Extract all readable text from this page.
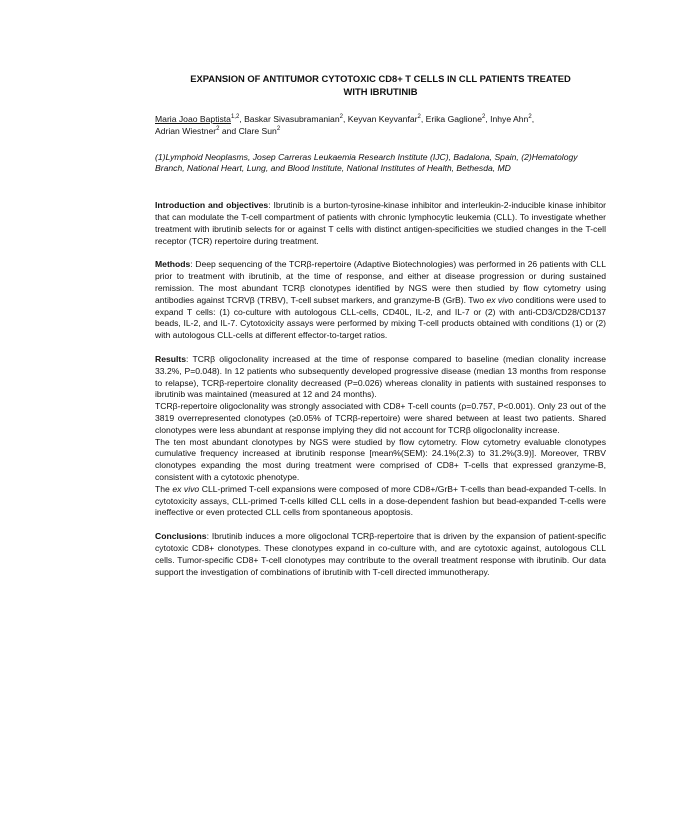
EXPANSION OF ANTITUMOR CYTOTOXIC CD8+ T CELLS IN CLL PATIENTS TREATED
WITH IBRUTINIB
Maria Joao Baptista$^{1,2}$, Baskar Sivasubramanian$^2$, Keyvan Keyvanfar$^2$, Erika Gaglione$^2$, Inhye Ahn$^2$,
Adrian Wiestner$^2$ and Clare Sun$^2$
(1)Lymphoid Neoplasms, Josep Carreras Leukaemia Research Institute (IJC), Badalona, Spain, (2)Hematology Branch, National Heart, Lung, and Blood Institute, National Institutes of Health, Bethesda, MD

Introduction and objectives: Ibrutinib is a burton-tyrosine-kinase inhibitor and interleukin-2-inducible kinase inhibitor that can modulate the T-cell compartment of patients with chronic lymphocytic leukemia (CLL). To investigate whether treatment with ibrutinib selects for or against T cells with distinct antigen-specificities we studied changes in the T-cell receptor (TCR) repertoire during treatment.

Methods: Deep sequencing of the TCRβ-repertoire (Adaptive Biotechnologies) was performed in 26 patients with CLL prior to treatment with ibrutinib, at the time of response, and either at disease progression or during sustained remission. The most abundant TCRβ clonotypes identified by NGS were then studied by flow cytometry using antibodies against TCRVβ (TRBV), T-cell subset markers, and granzyme-B (GrB). Two ex vivo conditions were used to expand T cells: (1) co-culture with autologous CLL-cells, CD40L, IL-2, and IL-7 or (2) with anti-CD3/CD28/CD137 beads, IL-2, and IL-7. Cytotoxicity assays were performed by mixing T-cell products obtained with conditions (1) or (2) with autologous CLL-cells at different effector-to-target ratios.

Results: TCRβ oligoclonality increased at the time of response compared to baseline (median clonality increase 33.2%, P=0.048). In 12 patients who subsequently developed progressive disease (median 13 months from response to relapse), TCRβ-repertoire clonality decreased (P=0.026) whereas clonality in patients with sustained responses to ibrutinib was maintained (measured at 12 and 24 months).

TCRβ-repertoire oligoclonality was strongly associated with CD8+ T-cell counts (ρ=0.757, P<0.001). Only 23 out of the 3819 overrepresented clonotypes (≥0.05% of TCRβ-repertoire) were shared between at least two patients. Shared clonotypes were less abundant at response implying they did not account for TCRβ oligoclonality increase.

The ten most abundant clonotypes by NGS were studied by flow cytometry. Flow cytometry evaluable clonotypes cumulative frequency increased at ibrutinib response [mean%(SEM): 24.1%(2.3) to 31.2%(3.9)]. Moreover, TRBV clonotypes expanding the most during treatment were comprised of CD8+ T-cells that expressed granzyme-B, consistent with a cytotoxic phenotype.

The ex vivo CLL-primed T-cell expansions were composed of more CD8+/GrB+ T-cells than bead-expanded T-cells. In cytotoxicity assays, CLL-primed T-cells killed CLL cells in a dose-dependent fashion but bead-expanded T-cells were ineffective or even protected CLL cells from spontaneous apoptosis.

Conclusions: Ibrutinib induces a more oligoclonal TCRβ-repertoire that is driven by the expansion of patient-specific cytotoxic CD8+ clonotypes. These clonotypes expand in co-culture with, and are cytotoxic against, autologous CLL cells. Tumor-specific CD8+ T-cell clonotypes may contribute to the overall treatment response with ibrutinib. Our data support the investigation of combinations of ibrutinib with T-cell directed immunotherapy.
